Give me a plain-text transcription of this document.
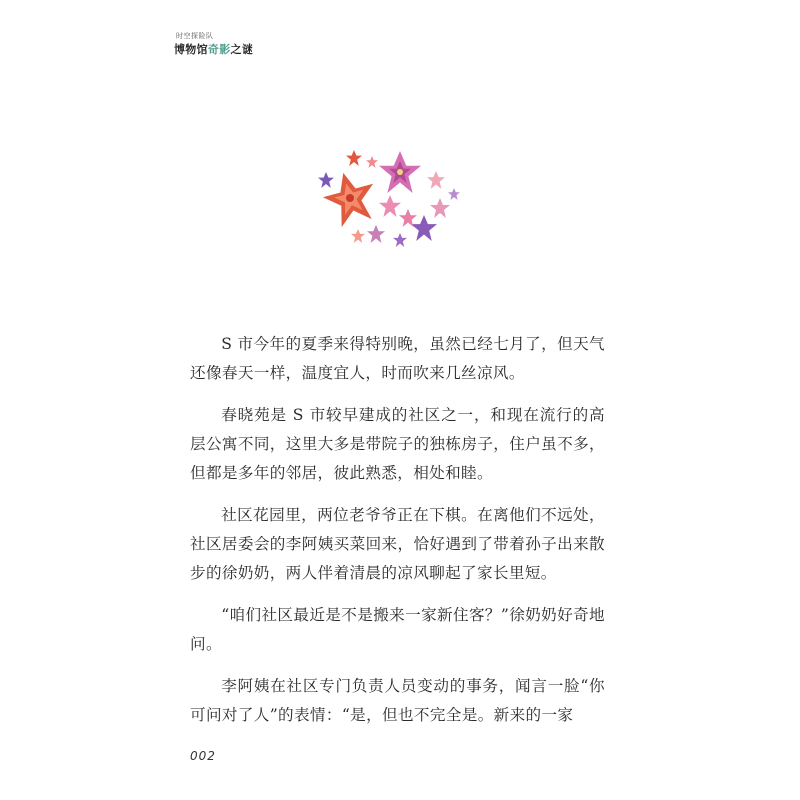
时空探险队
博物馆奇影之谜

S 市今年的夏季来得特别晚，虽然已经七月了，但天气还像春天一样，温度宜人，时而吹来几丝凉风。

春晓苑是 S 市较早建成的社区之一，和现在流行的高层公寓不同，这里大多是带院子的独栋房子，住户虽不多，但都是多年的邻居，彼此熟悉，相处和睦。

社区花园里，两位老爷爷正在下棋。在离他们不远处，社区居委会的李阿姨买菜回来，恰好遇到了带着孙子出来散步的徐奶奶，两人伴着清晨的凉风聊起了家长里短。

“咱们社区最近是不是搬来一家新住客？”徐奶奶好奇地问。

李阿姨在社区专门负责人员变动的事务，闻言一脸“你可问对了人”的表情：“是，但也不完全是。新来的一家

002
